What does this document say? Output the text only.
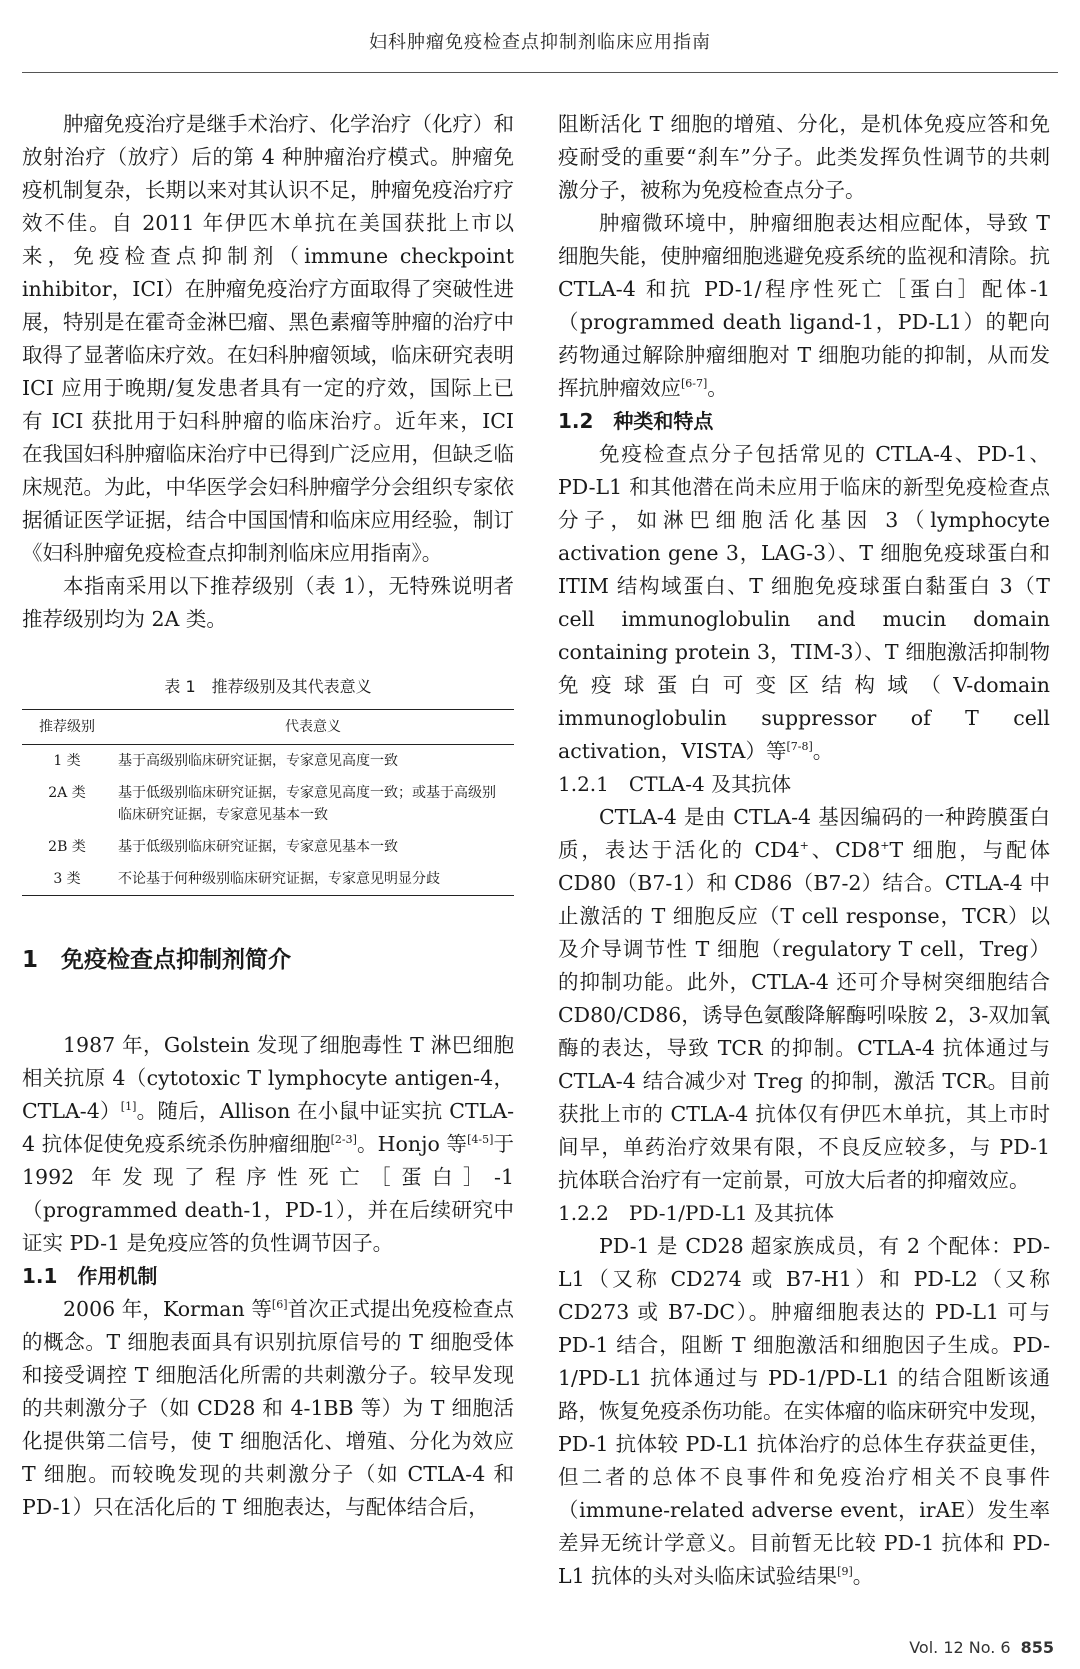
妇科肿瘤免疫检查点抑制剂临床应用指南

肿瘤免疫治疗是继手术治疗、化学治疗（化疗）和放射治疗（放疗）后的第 4 种肿瘤治疗模式。肿瘤免疫机制复杂，长期以来对其认识不足，肿瘤免疫治疗疗效不佳。自 2011 年伊匹木单抗在美国获批上市以来，免疫检查点抑制剂（immune checkpoint inhibitor，ICI）在肿瘤免疫治疗方面取得了突破性进展，特别是在霍奇金淋巴瘤、黑色素瘤等肿瘤的治疗中取得了显著临床疗效。在妇科肿瘤领域，临床研究表明 ICI 应用于晚期/复发患者具有一定的疗效，国际上已有 ICI 获批用于妇科肿瘤的临床治疗。近年来，ICI 在我国妇科肿瘤临床治疗中已得到广泛应用，但缺乏临床规范。为此，中华医学会妇科肿瘤学分会组织专家依据循证医学证据，结合中国国情和临床应用经验，制订《妇科肿瘤免疫检查点抑制剂临床应用指南》。

本指南采用以下推荐级别（表 1），无特殊说明者推荐级别均为 2A 类。

表 1　推荐级别及其代表意义
推荐级别	代表意义
1 类	基于高级别临床研究证据，专家意见高度一致
2A 类	基于低级别临床研究证据，专家意见高度一致；或基于高级别临床研究证据，专家意见基本一致
2B 类	基于低级别临床研究证据，专家意见基本一致
3 类	不论基于何种级别临床研究证据，专家意见明显分歧
1　免疫检查点抑制剂简介

1987 年，Golstein 发现了细胞毒性 T 淋巴细胞相关抗原 4（cytotoxic T lymphocyte antigen-4，CTLA-4）[1]。随后，Allison 在小鼠中证实抗 CTLA-4 抗体促使免疫系统杀伤肿瘤细胞[2-3]。Honjo 等[4-5]于 1992 年发现了程序性死亡［蛋白］-1（programmed death-1，PD-1），并在后续研究中证实 PD-1 是免疫应答的负性调节因子。

1.1　作用机制

2006 年，Korman 等[6]首次正式提出免疫检查点的概念。T 细胞表面具有识别抗原信号的 T 细胞受体和接受调控 T 细胞活化所需的共刺激分子。较早发现的共刺激分子（如 CD28 和 4-1BB 等）为 T 细胞活化提供第二信号，使 T 细胞活化、增殖、分化为效应 T 细胞。而较晚发现的共刺激分子（如 CTLA-4 和 PD-1）只在活化后的 T 细胞表达，与配体结合后，

阻断活化 T 细胞的增殖、分化，是机体免疫应答和免疫耐受的重要“刹车”分子。此类发挥负性调节的共刺激分子，被称为免疫检查点分子。

肿瘤微环境中，肿瘤细胞表达相应配体，导致 T 细胞失能，使肿瘤细胞逃避免疫系统的监视和清除。抗 CTLA-4 和抗 PD-1/程序性死亡［蛋白］配体-1（programmed death ligand-1，PD-L1）的靶向药物通过解除肿瘤细胞对 T 细胞功能的抑制，从而发挥抗肿瘤效应[6-7]。

1.2　种类和特点

免疫检查点分子包括常见的 CTLA-4、PD-1、PD-L1 和其他潜在尚未应用于临床的新型免疫检查点分子，如淋巴细胞活化基因 3（lymphocyte activation gene 3，LAG-3）、T 细胞免疫球蛋白和 ITIM 结构域蛋白、T 细胞免疫球蛋白黏蛋白 3（T cell immunoglobulin and mucin domain containing protein 3，TIM-3）、T 细胞激活抑制物免疫球蛋白可变区结构域（V-domain immunoglobulin suppressor of T cell activation，VISTA）等[7-8]。

1.2.1　CTLA-4 及其抗体

CTLA-4 是由 CTLA-4 基因编码的一种跨膜蛋白质，表达于活化的 CD4+、CD8+T 细胞，与配体 CD80（B7-1）和 CD86（B7-2）结合。CTLA-4 中止激活的 T 细胞反应（T cell response，TCR）以及介导调节性 T 细胞（regulatory T cell，Treg）的抑制功能。此外，CTLA-4 还可介导树突细胞结合 CD80/CD86，诱导色氨酸降解酶吲哚胺 2，3-双加氧酶的表达，导致 TCR 的抑制。CTLA-4 抗体通过与 CTLA-4 结合减少对 Treg 的抑制，激活 TCR。目前获批上市的 CTLA-4 抗体仅有伊匹木单抗，其上市时间早，单药治疗效果有限，不良反应较多，与 PD-1 抗体联合治疗有一定前景，可放大后者的抑瘤效应。

1.2.2　PD-1/PD-L1 及其抗体

PD-1 是 CD28 超家族成员，有 2 个配体：PD-L1（又称 CD274 或 B7-H1）和 PD-L2（又称 CD273 或 B7-DC）。肿瘤细胞表达的 PD-L1 可与 PD-1 结合，阻断 T 细胞激活和细胞因子生成。PD-1/PD-L1 抗体通过与 PD-1/PD-L1 的结合阻断该通路，恢复免疫杀伤功能。在实体瘤的临床研究中发现，PD-1 抗体较 PD-L1 抗体治疗的总体生存获益更佳，但二者的总体不良事件和免疫治疗相关不良事件（immune-related adverse event，irAE）发生率差异无统计学意义。目前暂无比较 PD-1 抗体和 PD-L1 抗体的头对头临床试验结果[9]。

Vol. 12 No. 6 855
